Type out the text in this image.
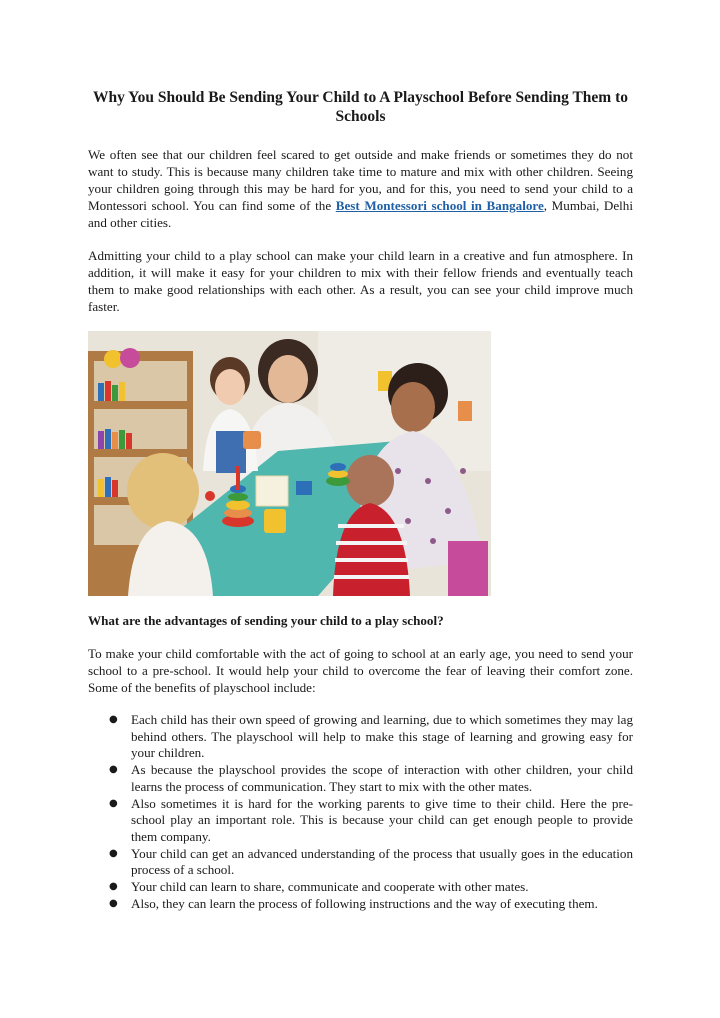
Why You Should Be Sending Your Child to A Playschool Before Sending Them to Schools

We often see that our children feel scared to get outside and make friends or sometimes they do not want to study. This is because many children take time to mature and mix with other children. Seeing your children going through this may be hard for you, and for this, you need to send your child to a Montessori school. You can find some of the Best Montessori school in Bangalore, Mumbai, Delhi and other cities.

Admitting your child to a play school can make your child learn in a creative and fun atmosphere. In addition, it will make it easy for your children to mix with their fellow friends and eventually teach them to make good relationships with each other. As a result, you can see your child improve much faster.

What are the advantages of sending your child to a play school?

To make your child comfortable with the act of going to school at an early age, you need to send your school to a pre-school. It would help your child to overcome the fear of leaving their comfort zone. Some of the benefits of playschool include:

● Each child has their own speed of growing and learning, due to which sometimes they may lag behind others. The playschool will help to make this stage of learning and growing easy for your children.
● As because the playschool provides the scope of interaction with other children, your child learns the process of communication. They start to mix with the other mates.
● Also sometimes it is hard for the working parents to give time to their child. Here the pre-school play an important role. This is because your child can get enough people to provide them company.
● Your child can get an advanced understanding of the process that usually goes in the education process of a school.
● Your child can learn to share, communicate and cooperate with other mates.
● Also, they can learn the process of following instructions and the way of executing them.
